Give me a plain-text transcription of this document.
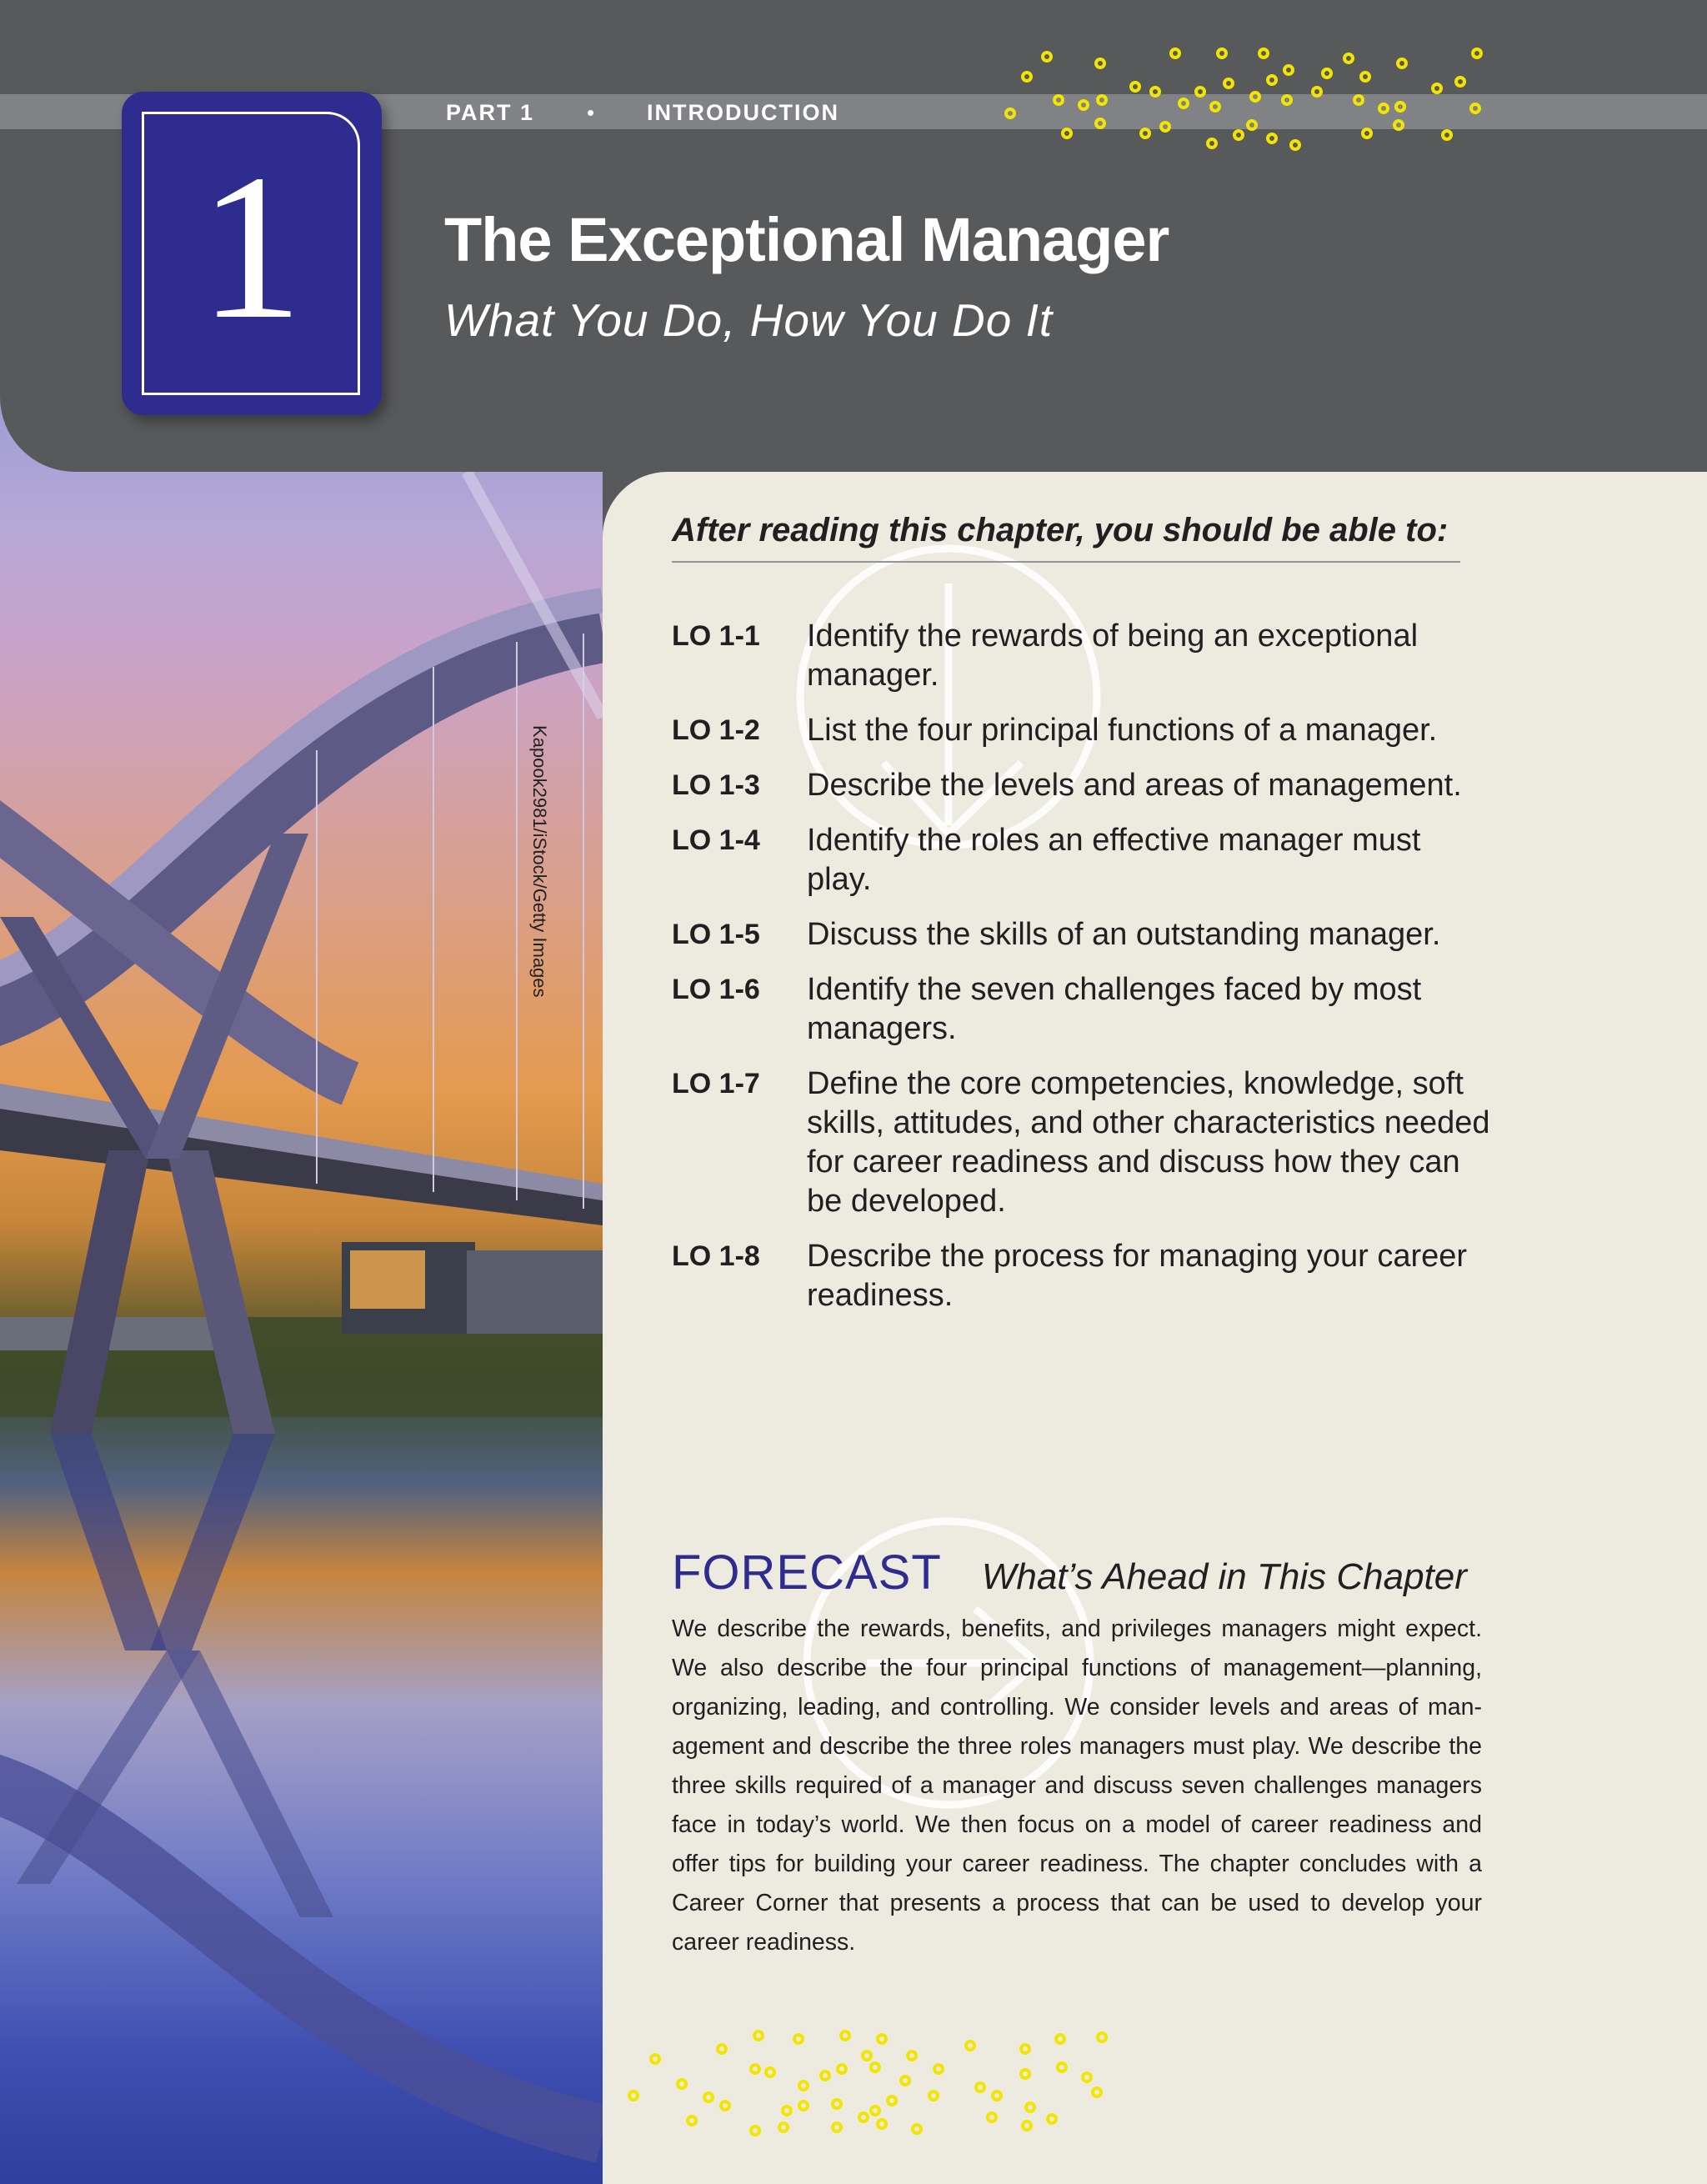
Kapook2981/iStock/Getty Images
PART 1 • INTRODUCTION
1	The Exceptional Manager
What You Do, How You Do It
After reading this chapter, you should be able to:
LO 1-1	Identify the rewards of being an exceptional manager.
LO 1-2	List the four principal functions of a manager.
LO 1-3	Describe the levels and areas of management.
LO 1-4	Identify the roles an effective manager must play.
LO 1-5	Discuss the skills of an outstanding manager.
LO 1-6	Identify the seven challenges faced by most managers.
LO 1-7	Define the core competencies, knowledge, soft skills, attitudes, and other characteristics needed for career readiness and discuss how they can be developed.
LO 1-8	Describe the process for managing your career readiness.
FORECAST What’s Ahead in This Chapter
We describe the rewards, benefits, and privileges managers might expect. We also describe the four principal functions of management—planning, organizing, leading, and controlling. We consider levels and areas of management and describe the three roles managers must play. We describe the three skills required of a manager and discuss seven challenges managers face in today’s world. We then focus on a model of career readiness and offer tips for building your career readiness. The chapter concludes with a Career Corner that presents a process that can be used to develop your career readiness.
